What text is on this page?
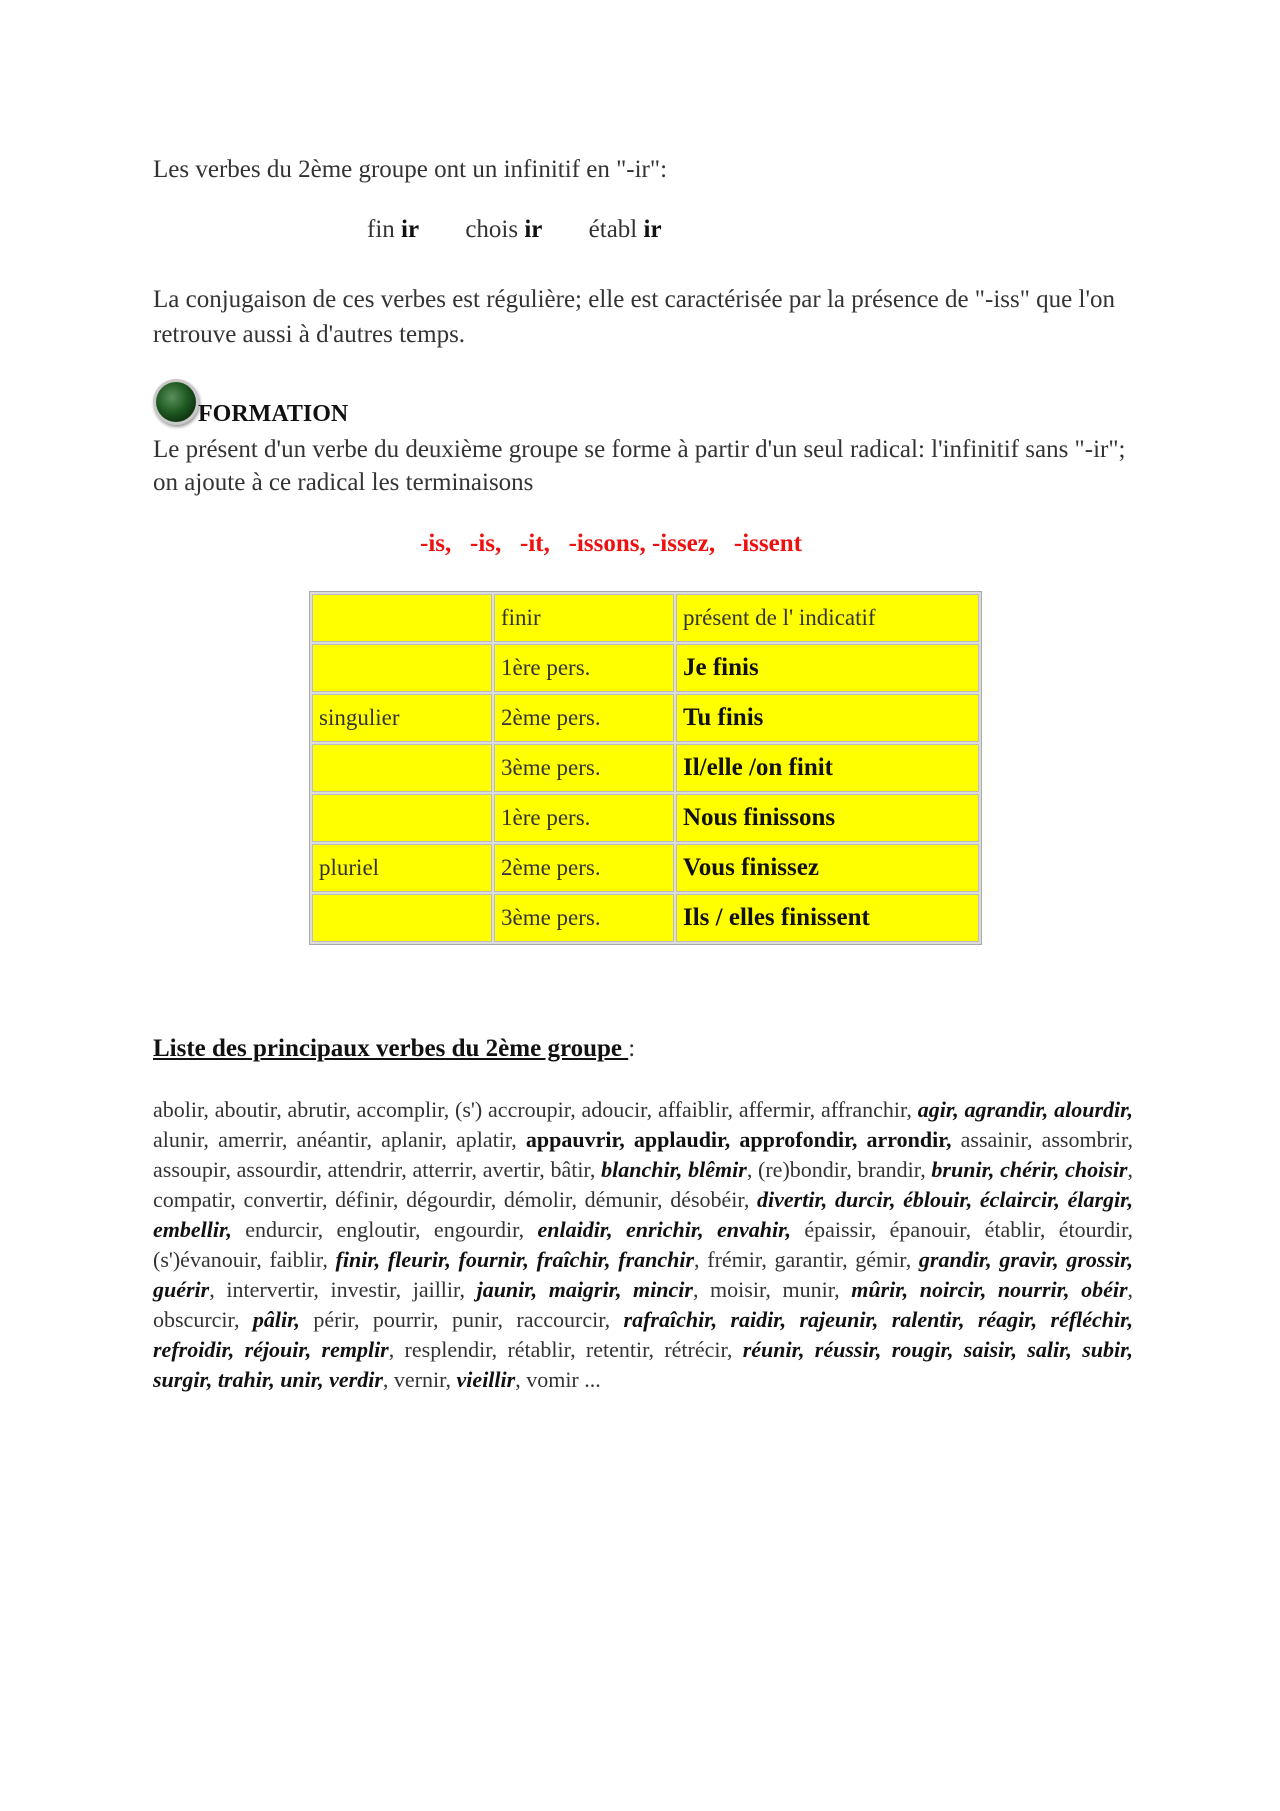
Les verbes du 2ème groupe ont un infinitif en "-ir":
fin ir chois ir établ ir
La conjugaison de ces verbes est régulière; elle est caractérisée par la présence de "-iss" que l'on retrouve aussi à d'autres temps.
FORMATION
Le présent d'un verbe du deuxième groupe se forme à partir d'un seul radical: l'infinitif sans "-ir"; on ajoute à ce radical les terminaisons
-is,   -is,   -it,   -issons, -issez,   -issent
	finir	présent de l' indicatif
	1ère pers.	Je finis
singulier	2ème pers.	Tu finis
	3ème pers.	Il/elle /on finit
	1ère pers.	Nous finissons
pluriel	2ème pers.	Vous finissez
	3ème pers.	Ils / elles finissent
Liste des principaux verbes du 2ème groupe :
abolir, aboutir, abrutir, accomplir, (s') accroupir, adoucir, affaiblir, affermir, affranchir, agir, agrandir, alourdir, alunir, amerrir, anéantir, aplanir, aplatir, appauvrir, applaudir, approfondir, arrondir, assainir, assombrir, assoupir, assourdir, attendrir, atterrir, avertir, bâtir, blanchir, blêmir, (re)bondir, brandir, brunir, chérir, choisir, compatir, convertir, définir, dégourdir, démolir, démunir, désobéir, divertir, durcir, éblouir, éclaircir, élargir, embellir, endurcir, engloutir, engourdir, enlaidir, enrichir, envahir, épaissir, épanouir, établir, étourdir, (s')évanouir, faiblir, finir, fleurir, fournir, fraîchir, franchir, frémir, garantir, gémir, grandir, gravir, grossir, guérir, intervertir, investir, jaillir, jaunir, maigrir, mincir, moisir, munir, mûrir, noircir, nourrir, obéir, obscurcir, pâlir, périr, pourrir, punir, raccourcir, rafraîchir, raidir, rajeunir, ralentir, réagir, réfléchir, refroidir, réjouir, remplir, resplendir, rétablir, retentir, rétrécir, réunir, réussir, rougir, saisir, salir, subir, surgir, trahir, unir, verdir, vernir, vieillir, vomir ...
